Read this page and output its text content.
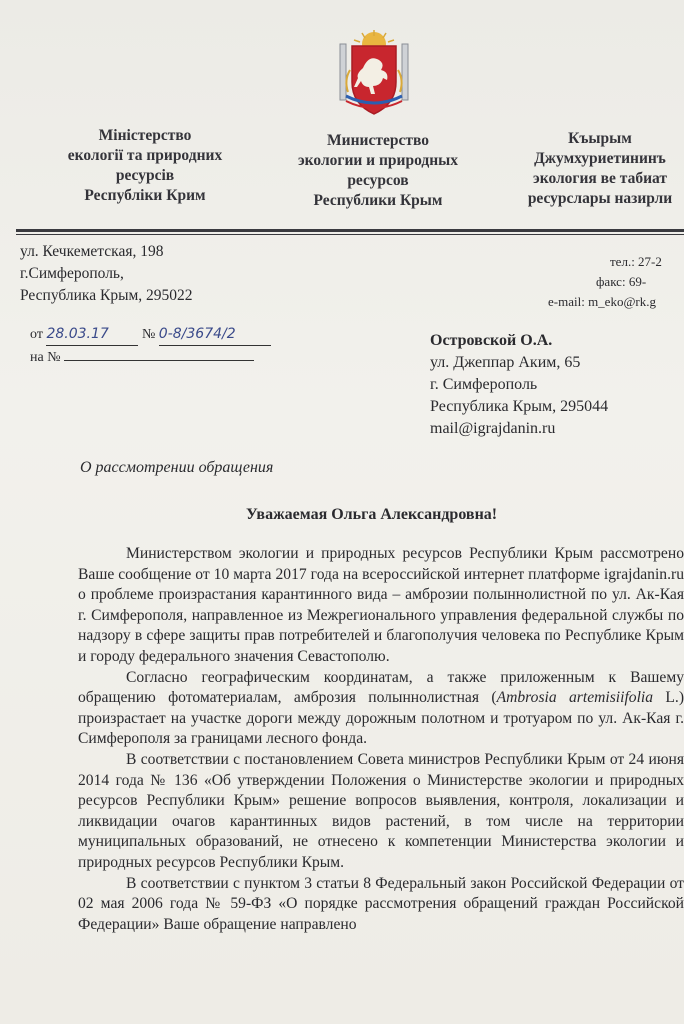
Міністерство
екології та природних
ресурсів
Республіки Крим
Министерство
экологии и природных
ресурсов
Республики Крым
Къырым
Джумхуриетининъ
экология ве табиат
ресурслары назирли
ул. Кечкеметская, 198
г.Симферополь,
Республика Крым, 295022
тел.: 27-2
факс: 69-
e-mail: m_eko@rk.g
от 28.03.17 № 0-8/3674/2
на №
Островской О.А.
ул. Джеппар Аким, 65
г. Симферополь
Республика Крым, 295044
mail@igrajdanin.ru
О рассмотрении обращения
Уважаемая Ольга Александровна!

Министерством экологии и природных ресурсов Республики Крым рассмотрено Ваше сообщение от 10 марта 2017 года на всероссийской интернет платформе igrajdanin.ru о проблеме произрастания карантинного вида – амброзии полыннолистной по ул. Ак-Кая г. Симферополя, направленное из Межрегионального управления федеральной службы по надзору в сфере защиты прав потребителей и благополучия человека по Республике Крым и городу федерального значения Севастополю.

Согласно географическим координатам, а также приложенным к Вашему обращению фотоматериалам, амброзия полыннолистная (Ambrosia artemisiifolia L.) произрастает на участке дороги между дорожным полотном и тротуаром по ул. Ак-Кая г. Симферополя за границами лесного фонда.

В соответствии с постановлением Совета министров Республики Крым от 24 июня 2014 года № 136 «Об утверждении Положения о Министерстве экологии и природных ресурсов Республики Крым» решение вопросов выявления, контроля, локализации и ликвидации очагов карантинных видов растений, в том числе на территории муниципальных образований, не отнесено к компетенции Министерства экологии и природных ресурсов Республики Крым.

В соответствии с пунктом 3 статьи 8 Федеральный закон Российской Федерации от 02 мая 2006 года № 59-ФЗ «О порядке рассмотрения обращений граждан Российской Федерации» Ваше обращение направлено
